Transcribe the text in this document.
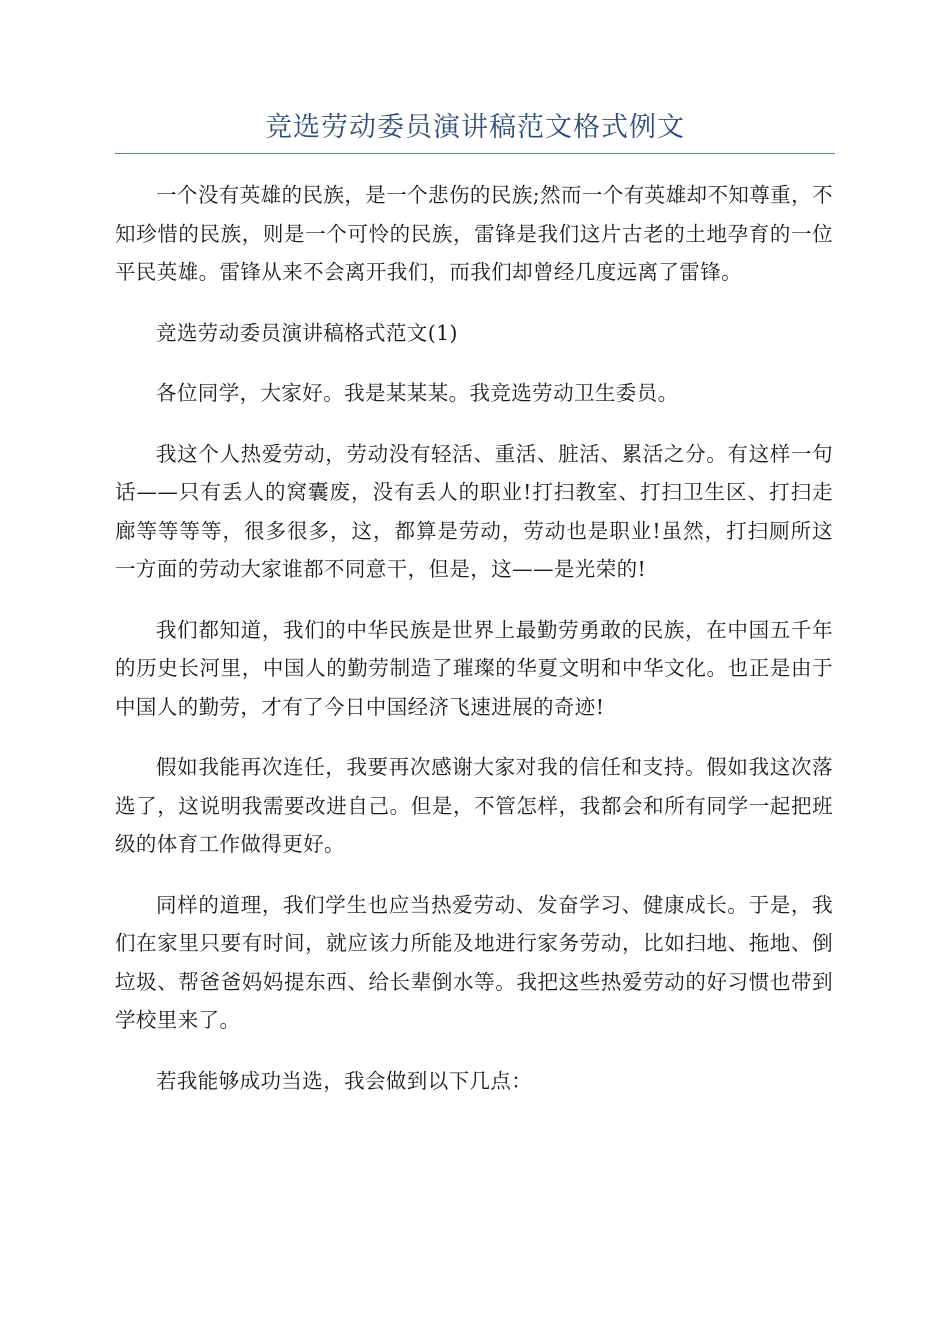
竞选劳动委员演讲稿范文格式例文

一个没有英雄的民族，是一个悲伤的民族;然而一个有英雄却不知尊重，不知珍惜的民族，则是一个可怜的民族，雷锋是我们这片古老的土地孕育的一位平民英雄。雷锋从来不会离开我们，而我们却曾经几度远离了雷锋。

竞选劳动委员演讲稿格式范文(1)

各位同学，大家好。我是某某某。我竞选劳动卫生委员。

我这个人热爱劳动，劳动没有轻活、重活、脏活、累活之分。有这样一句话——只有丢人的窝囊废，没有丢人的职业!打扫教室、打扫卫生区、打扫走廊等等等等，很多很多，这，都算是劳动，劳动也是职业!虽然，打扫厕所这一方面的劳动大家谁都不同意干，但是，这——是光荣的!

我们都知道，我们的中华民族是世界上最勤劳勇敢的民族，在中国五千年的历史长河里，中国人的勤劳制造了璀璨的华夏文明和中华文化。也正是由于中国人的勤劳，才有了今日中国经济飞速进展的奇迹!

假如我能再次连任，我要再次感谢大家对我的信任和支持。假如我这次落选了，这说明我需要改进自己。但是，不管怎样，我都会和所有同学一起把班级的体育工作做得更好。

同样的道理，我们学生也应当热爱劳动、发奋学习、健康成长。于是，我们在家里只要有时间，就应该力所能及地进行家务劳动，比如扫地、拖地、倒垃圾、帮爸爸妈妈提东西、给长辈倒水等。我把这些热爱劳动的好习惯也带到学校里来了。

若我能够成功当选，我会做到以下几点：
